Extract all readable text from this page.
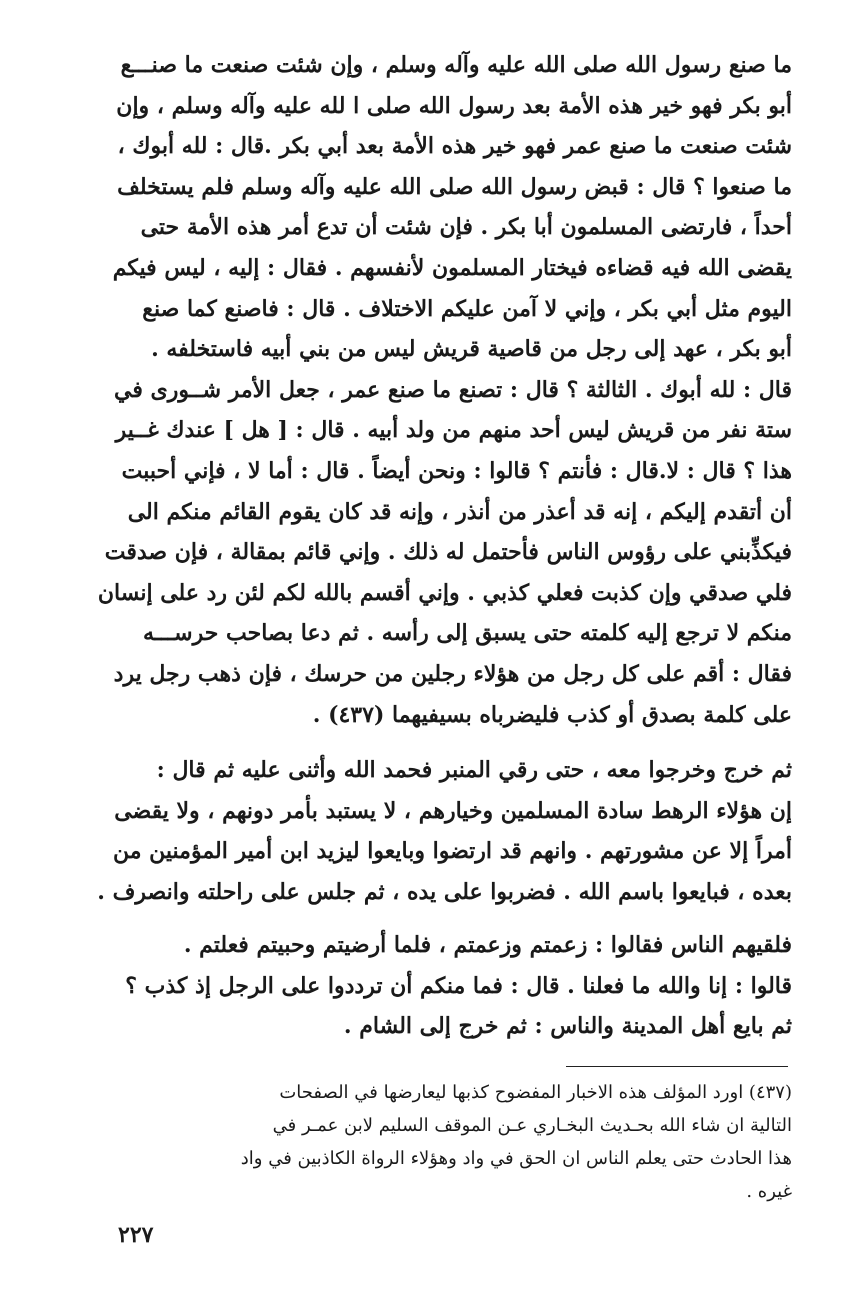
ما صنع رسول الله صلى الله عليه وآله وسلم ، وإن شئت صنعت ما صنـــع
أبو بكر فهو خير هذه الأمة بعد رسول الله صلى ا لله عليه وآله وسلم ، وإن
شئت صنعت ما صنع عمر فهو خير هذه الأمة بعد أبي بكر .قال : لله أبوك ،
ما صنعوا ؟ قال : قبض رسول الله صلى الله عليه وآله وسلم فلم يستخلف
أحداً ، فارتضى المسلمون أبا بكر . فإن شئت أن تدع أمر هذه الأمة حتى
يقضى الله فيه قضاءه فيختار المسلمون لأنفسهم . فقال : إليه ، ليس فيكم
اليوم مثل أبي بكر ، وإني لا آمن عليكم الاختلاف . قال : فاصنع كما صنع
أبو بكر ، عهد إلى رجل من قاصية قريش ليس من بني أبيه فاستخلفه .
قال : لله أبوك . الثالثة ؟ قال : تصنع ما صنع عمر ، جعل الأمر شــورى في
ستة نفر من قريش ليس أحد منهم من ولد أبيه . قال : [ هل ] عندك غــير
هذا ؟ قال : لا.قال : فأنتم ؟ قالوا : ونحن أيضاً . قال : أما لا ، فإني أحببت
أن أتقدم إليكم ، إنه قد أعذر من أنذر ، وإنه قد كان يقوم القائم منكم الى
فيكذِّبني على رؤوس الناس فأحتمل له ذلك . وإني قائم بمقالة ، فإن صدقت
فلي صدقي وإن كذبت فعلي كذبي . وإني أقسم بالله لكم لئن رد على إنسان
منكم لا ترجع إليه كلمته حتى يسبق إلى رأسه . ثم دعا بصاحب حرســـه
فقال : أقم على كل رجل من هؤلاء رجلين من حرسك ، فإن ذهب رجل يرد
على كلمة بصدق أو كذب فليضرباه بسيفيهما (٤٣٧) .
ثم خرج وخرجوا معه ، حتى رقي المنبر فحمد الله وأثنى عليه ثم قال :
إن هؤلاء الرهط سادة المسلمين وخيارهم ، لا يستبد بأمر دونهم ، ولا يقضى
أمراً إلا عن مشورتهم . وانهم قد ارتضوا وبايعوا ليزيد ابن أمير المؤمنين من
بعده ، فبايعوا باسم الله . فضربوا على يده ، ثم جلس على راحلته وانصرف .
فلقيهم الناس فقالوا : زعمتم وزعمتم ، فلما أرضيتم وحبيتم فعلتم .
قالوا : إنا والله ما فعلنا . قال : فما منكم أن ترددوا على الرجل إذ كذب ؟
ثم بايع أهل المدينة والناس : ثم خرج إلى الشام .
(٤٣٧) اورد المؤلف هذه الاخبار المفضوح كذبها ليعارضها في الصفحات
التالية ان شاء الله بحـديث البخـاري عـن الموقف السليم لابن عمـر في
هذا الحادث حتى يعلم الناس ان الحق في واد وهؤلاء الرواة الكاذبين في واد
غيره .
٢٢٧
